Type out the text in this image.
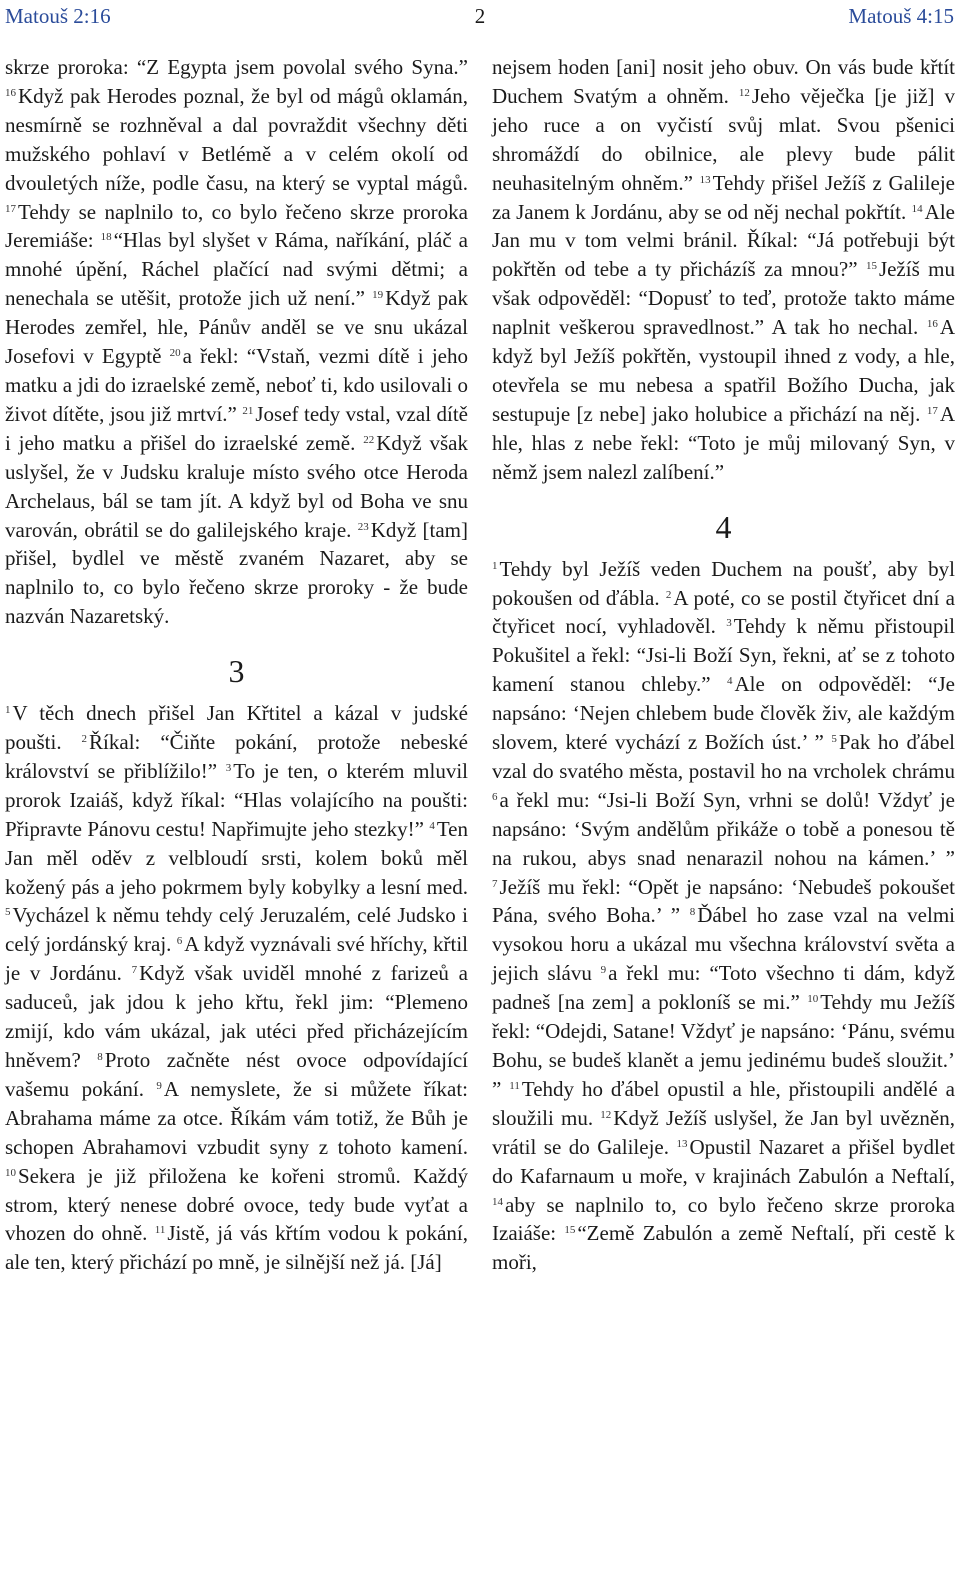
Matouš 2:16	2	Matouš 4:15

skrze proroka: “Z Egypta jsem povolal svého Syna.” $^{16}$Když pak Herodes poznal, že byl od mágů oklamán, nesmírně se rozhněval a dal povraždit všechny děti mužského pohlaví v Betlémě a v celém okolí od dvouletých níže, podle času, na který se vyptal mágů. $^{17}$Tehdy se naplnilo to, co bylo řečeno skrze proroka Jeremiáše: $^{18}$“Hlas byl slyšet v Ráma, naříkání, pláč a mnohé úpění, Ráchel plačící nad svými dětmi; a nenechala se utěšit, protože jich už není.” $^{19}$Když pak Herodes zemřel, hle, Pánův anděl se ve snu ukázal Josefovi v Egyptě $^{20}$a řekl: “Vstaň, vezmi dítě i jeho matku a jdi do izraelské země, neboť ti, kdo usilovali o život dítěte, jsou již mrtví.” $^{21}$Josef tedy vstal, vzal dítě i jeho matku a přišel do izraelské země. $^{22}$Když však uslyšel, že v Judsku kraluje místo svého otce Heroda Archelaus, bál se tam jít. A když byl od Boha ve snu varován, obrátil se do galilejského kraje. $^{23}$Když [tam] přišel, bydlel ve městě zvaném Nazaret, aby se naplnilo to, co bylo řečeno skrze proroky - že bude nazván Nazaretský.

3

$^1$V těch dnech přišel Jan Křtitel a kázal v judské poušti. $^2$Říkal: “Čiňte pokání, protože nebeské království se přiblížilo!” $^3$To je ten, o kterém mluvil prorok Izaiáš, když říkal: “Hlas volajícího na poušti: Připravte Pánovu cestu! Napřimujte jeho stezky!” $^4$Ten Jan měl oděv z velbloudí srsti, kolem boků měl kožený pás a jeho pokrmem byly kobylky a lesní med. $^5$Vycházel k němu tehdy celý Jeruzalém, celé Judsko i celý jordánský kraj. $^6$A když vyznávali své hříchy, křtil je v Jordánu. $^7$Když však uviděl mnohé z farizeů a saduceů, jak jdou k jeho křtu, řekl jim: “Plemeno zmijí, kdo vám ukázal, jak utéci před přicházejícím hněvem? $^8$Proto začněte nést ovoce odpovídající vašemu pokání. $^9$A nemyslete, že si můžete říkat: Abrahama máme za otce. Říkám vám totiž, že Bůh je schopen Abrahamovi vzbudit syny z tohoto kamení. $^{10}$Sekera je již přiložena ke kořeni stromů. Každý strom, který nenese dobré ovoce, tedy bude vyťat a vhozen do ohně. $^{11}$Jistě, já vás křtím vodou k pokání, ale ten, který přichází po mně, je silnější než já. [Já]

nejsem hoden [ani] nosit jeho obuv. On vás bude křtít Duchem Svatým a ohněm. $^{12}$Jeho věječka [je již] v jeho ruce a on vyčistí svůj mlat. Svou pšenici shromáždí do obilnice, ale plevy bude pálit neuhasitelným ohněm.” $^{13}$Tehdy přišel Ježíš z Galileje za Janem k Jordánu, aby se od něj nechal pokřtít. $^{14}$Ale Jan mu v tom velmi bránil. Říkal: “Já potřebuji být pokřtěn od tebe a ty přicházíš za mnou?” $^{15}$Ježíš mu však odpověděl: “Dopusť to teď, protože takto máme naplnit veškerou spravedlnost.” A tak ho nechal. $^{16}$A když byl Ježíš pokřtěn, vystoupil ihned z vody, a hle, otevřela se mu nebesa a spatřil Božího Ducha, jak sestupuje [z nebe] jako holubice a přichází na něj. $^{17}$A hle, hlas z nebe řekl: “Toto je můj milovaný Syn, v němž jsem nalezl zalíbení.”

4

$^1$Tehdy byl Ježíš veden Duchem na poušť, aby byl pokoušen od ďábla. $^2$A poté, co se postil čtyřicet dní a čtyřicet nocí, vyhladověl. $^3$Tehdy k němu přistoupil Pokušitel a řekl: “Jsi-li Boží Syn, řekni, ať se z tohoto kamení stanou chleby.” $^4$Ale on odpověděl: “Je napsáno: ‘Nejen chlebem bude člověk živ, ale každým slovem, které vychází z Božích úst.’ ” $^5$Pak ho ďábel vzal do svatého města, postavil ho na vrcholek chrámu $^6$a řekl mu: “Jsi-li Boží Syn, vrhni se dolů! Vždyť je napsáno: ‘Svým andělům přikáže o tobě a ponesou tě na rukou, abys snad nenarazil nohou na kámen.’ ” $^7$Ježíš mu řekl: “Opět je napsáno: ‘Nebudeš pokoušet Pána, svého Boha.’ ” $^8$Ďábel ho zase vzal na velmi vysokou horu a ukázal mu všechna království světa a jejich slávu $^9$a řekl mu: “Toto všechno ti dám, když padneš [na zem] a pokloníš se mi.” $^{10}$Tehdy mu Ježíš řekl: “Odejdi, Satane! Vždyť je napsáno: ‘Pánu, svému Bohu, se budeš klanět a jemu jedinému budeš sloužit.’ ” $^{11}$Tehdy ho ďábel opustil a hle, přistoupili andělé a sloužili mu. $^{12}$Když Ježíš uslyšel, že Jan byl uvězněn, vrátil se do Galileje. $^{13}$Opustil Nazaret a přišel bydlet do Kafarnaum u moře, v krajinách Zabulón a Neftalí, $^{14}$aby se naplnilo to, co bylo řečeno skrze proroka Izaiáše: $^{15}$“Země Zabulón a země Neftalí, při cestě k moři,
